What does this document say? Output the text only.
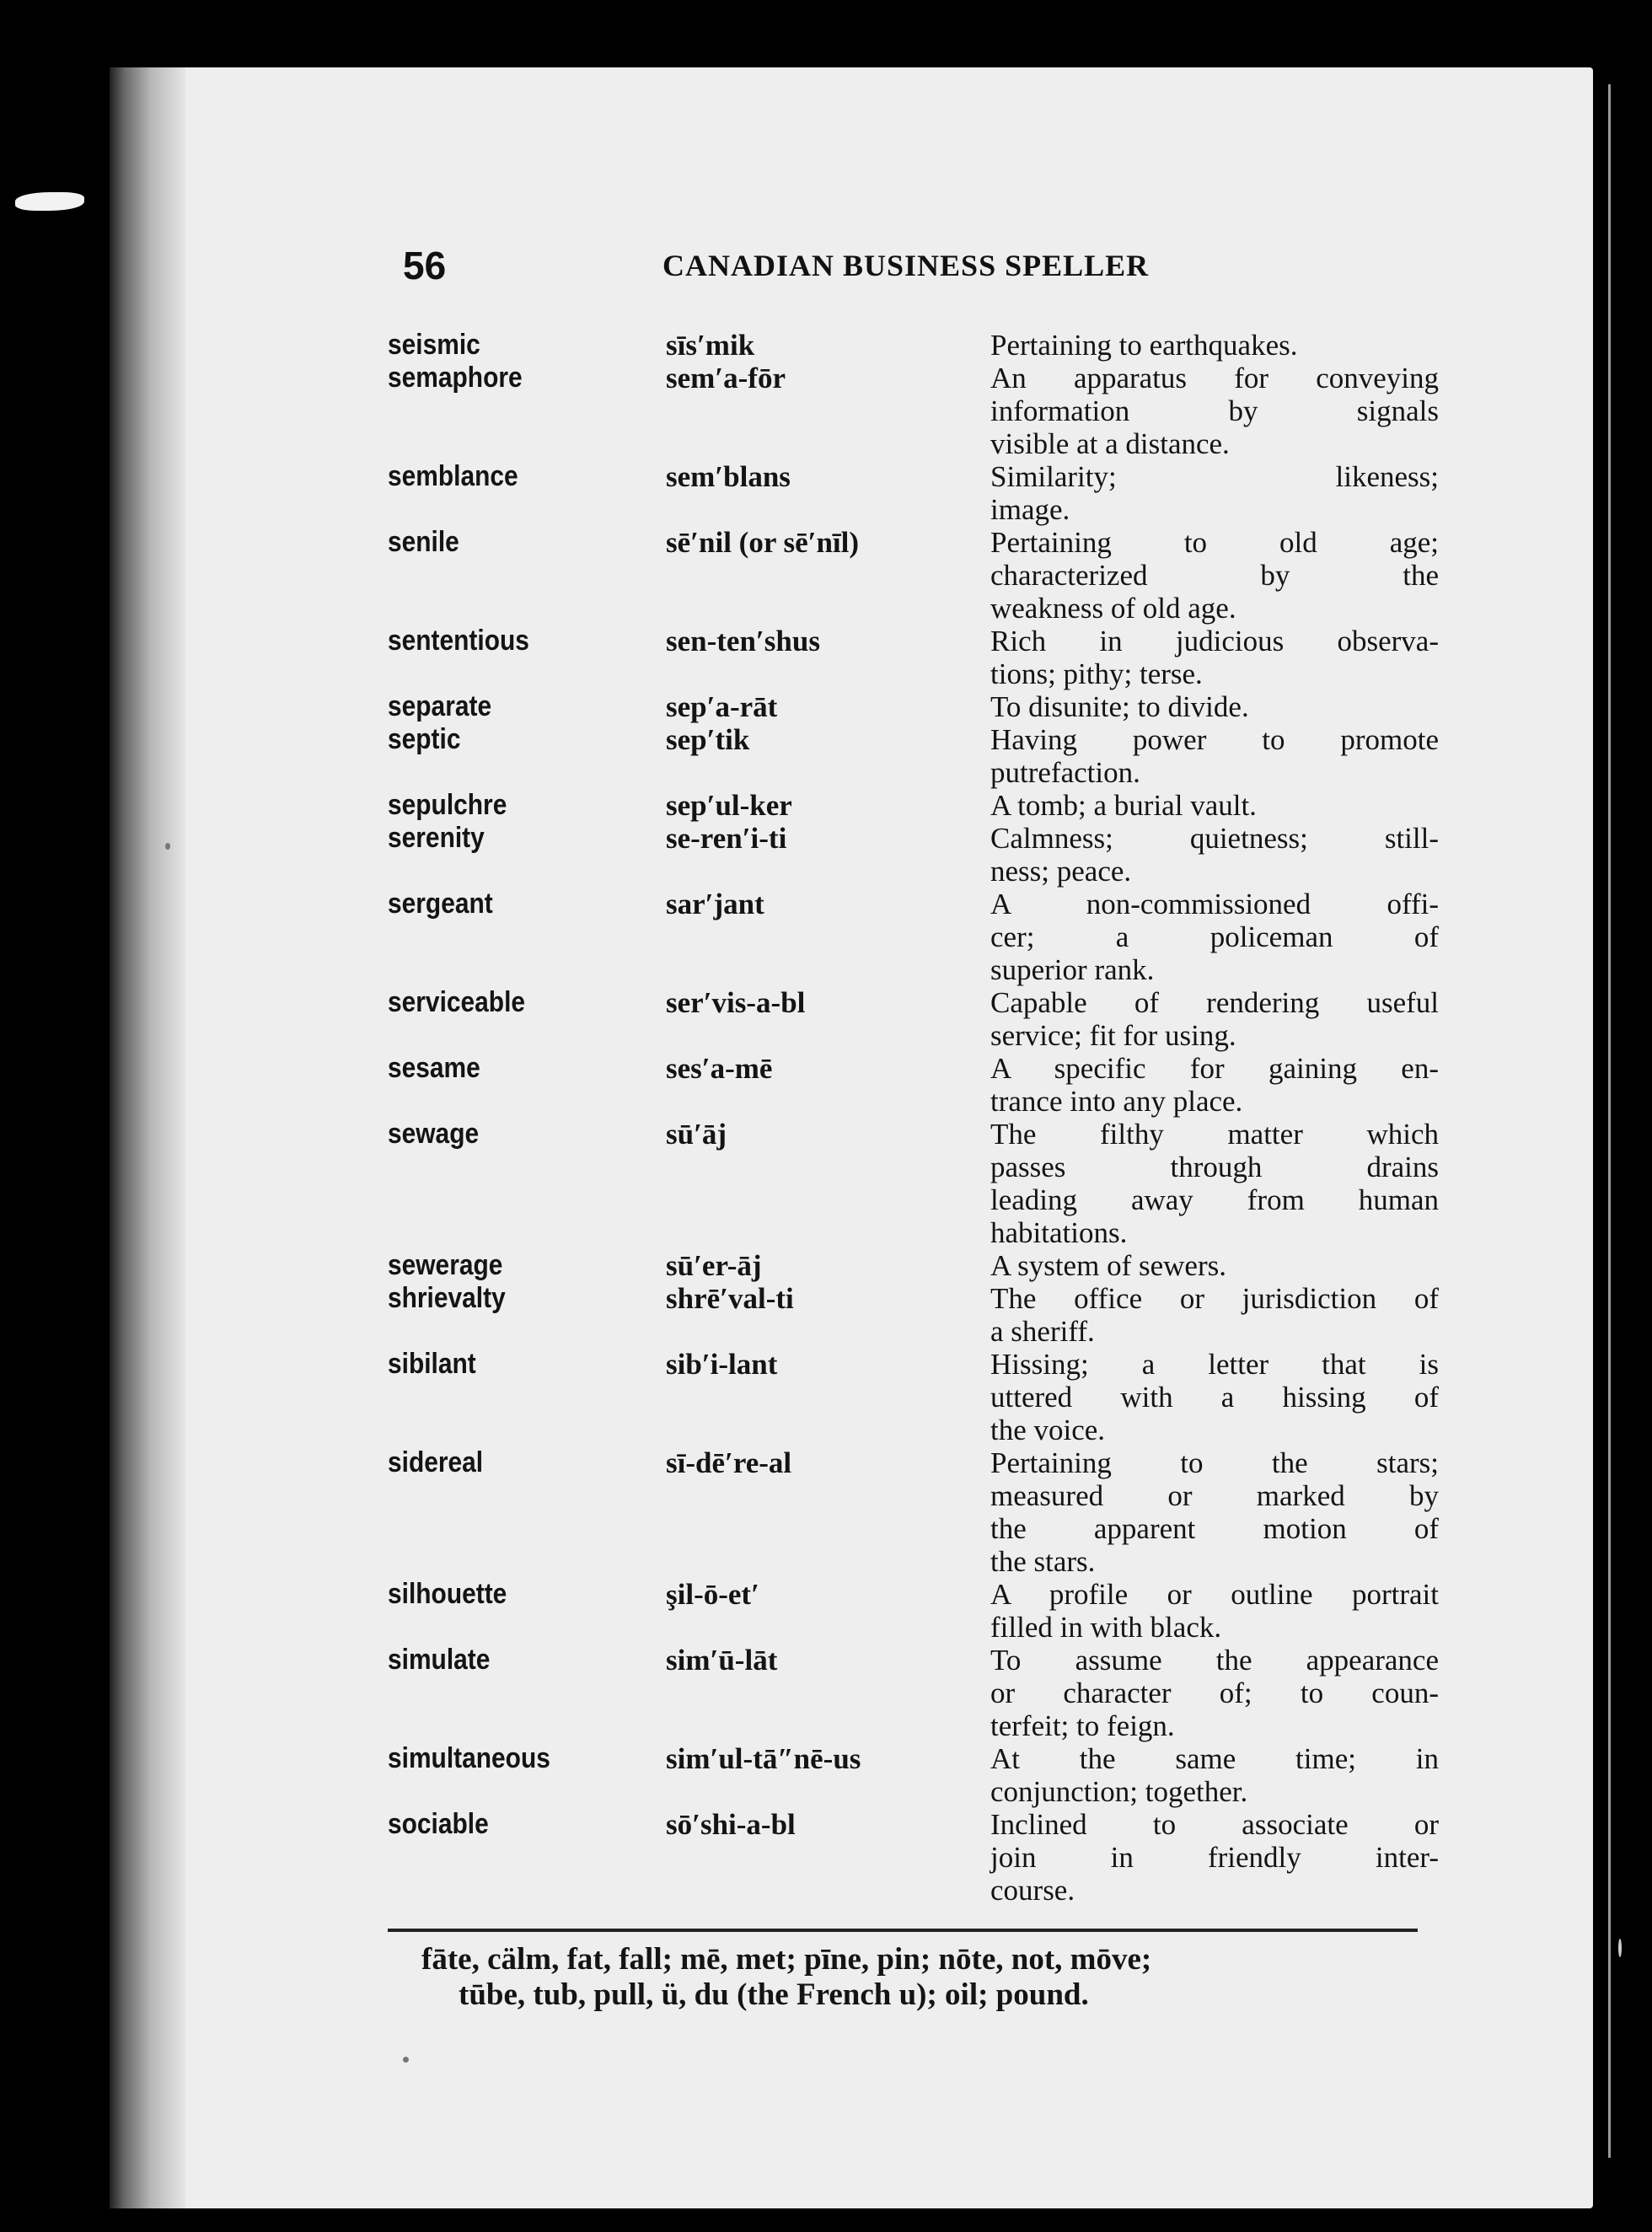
56	CANADIAN BUSINESS SPELLER
seismic	sīs′mik	Pertaining to earthquakes.
semaphore	sem′a-fōr	An apparatus for conveying
information by signals
visible at a distance.
semblance	sem′blans	Similarity; likeness;
image.
senile	sē′nil (or sē′nīl)	Pertaining to old age;
characterized by the
weakness of old age.
sententious	sen-ten′shus	Rich in judicious observa-
tions; pithy; terse.
separate	sep′a-rāt	To disunite; to divide.
septic	sep′tik	Having power to promote
putrefaction.
sepulchre	sep′ul-ker	A tomb; a burial vault.
serenity	se-ren′i-ti	Calmness; quietness; still-
ness; peace.
sergeant	sar′jant	A non-commissioned offi-
cer; a policeman of
superior rank.
serviceable	ser′vis-a-bl	Capable of rendering useful
service; fit for using.
sesame	ses′a-mē	A specific for gaining en-
trance into any place.
sewage	sū′āj	The filthy matter which
passes through drains
leading away from human
habitations.
sewerage	sū′er-āj	A system of sewers.
shrievalty	shrē′val-ti	The office or jurisdiction of
a sheriff.
sibilant	sib′i-lant	Hissing; a letter that is
uttered with a hissing of
the voice.
sidereal	sī-dē′re-al	Pertaining to the stars;
measured or marked by
the apparent motion of
the stars.
silhouette	şil-ō-et′	A profile or outline portrait
filled in with black.
simulate	sim′ū-lāt	To assume the appearance
or character of; to coun-
terfeit; to feign.
simultaneous	sim′ul-tā″nē-us	At the same time; in
conjunction; together.
sociable	sō′shi-a-bl	Inclined to associate or
join in friendly inter-
course.
fāte, cälm, fat, fall; mē, met; pīne, pin; nōte, not, mōve;
tūbe, tub, pull, ü, du (the French u); oil; pound.
